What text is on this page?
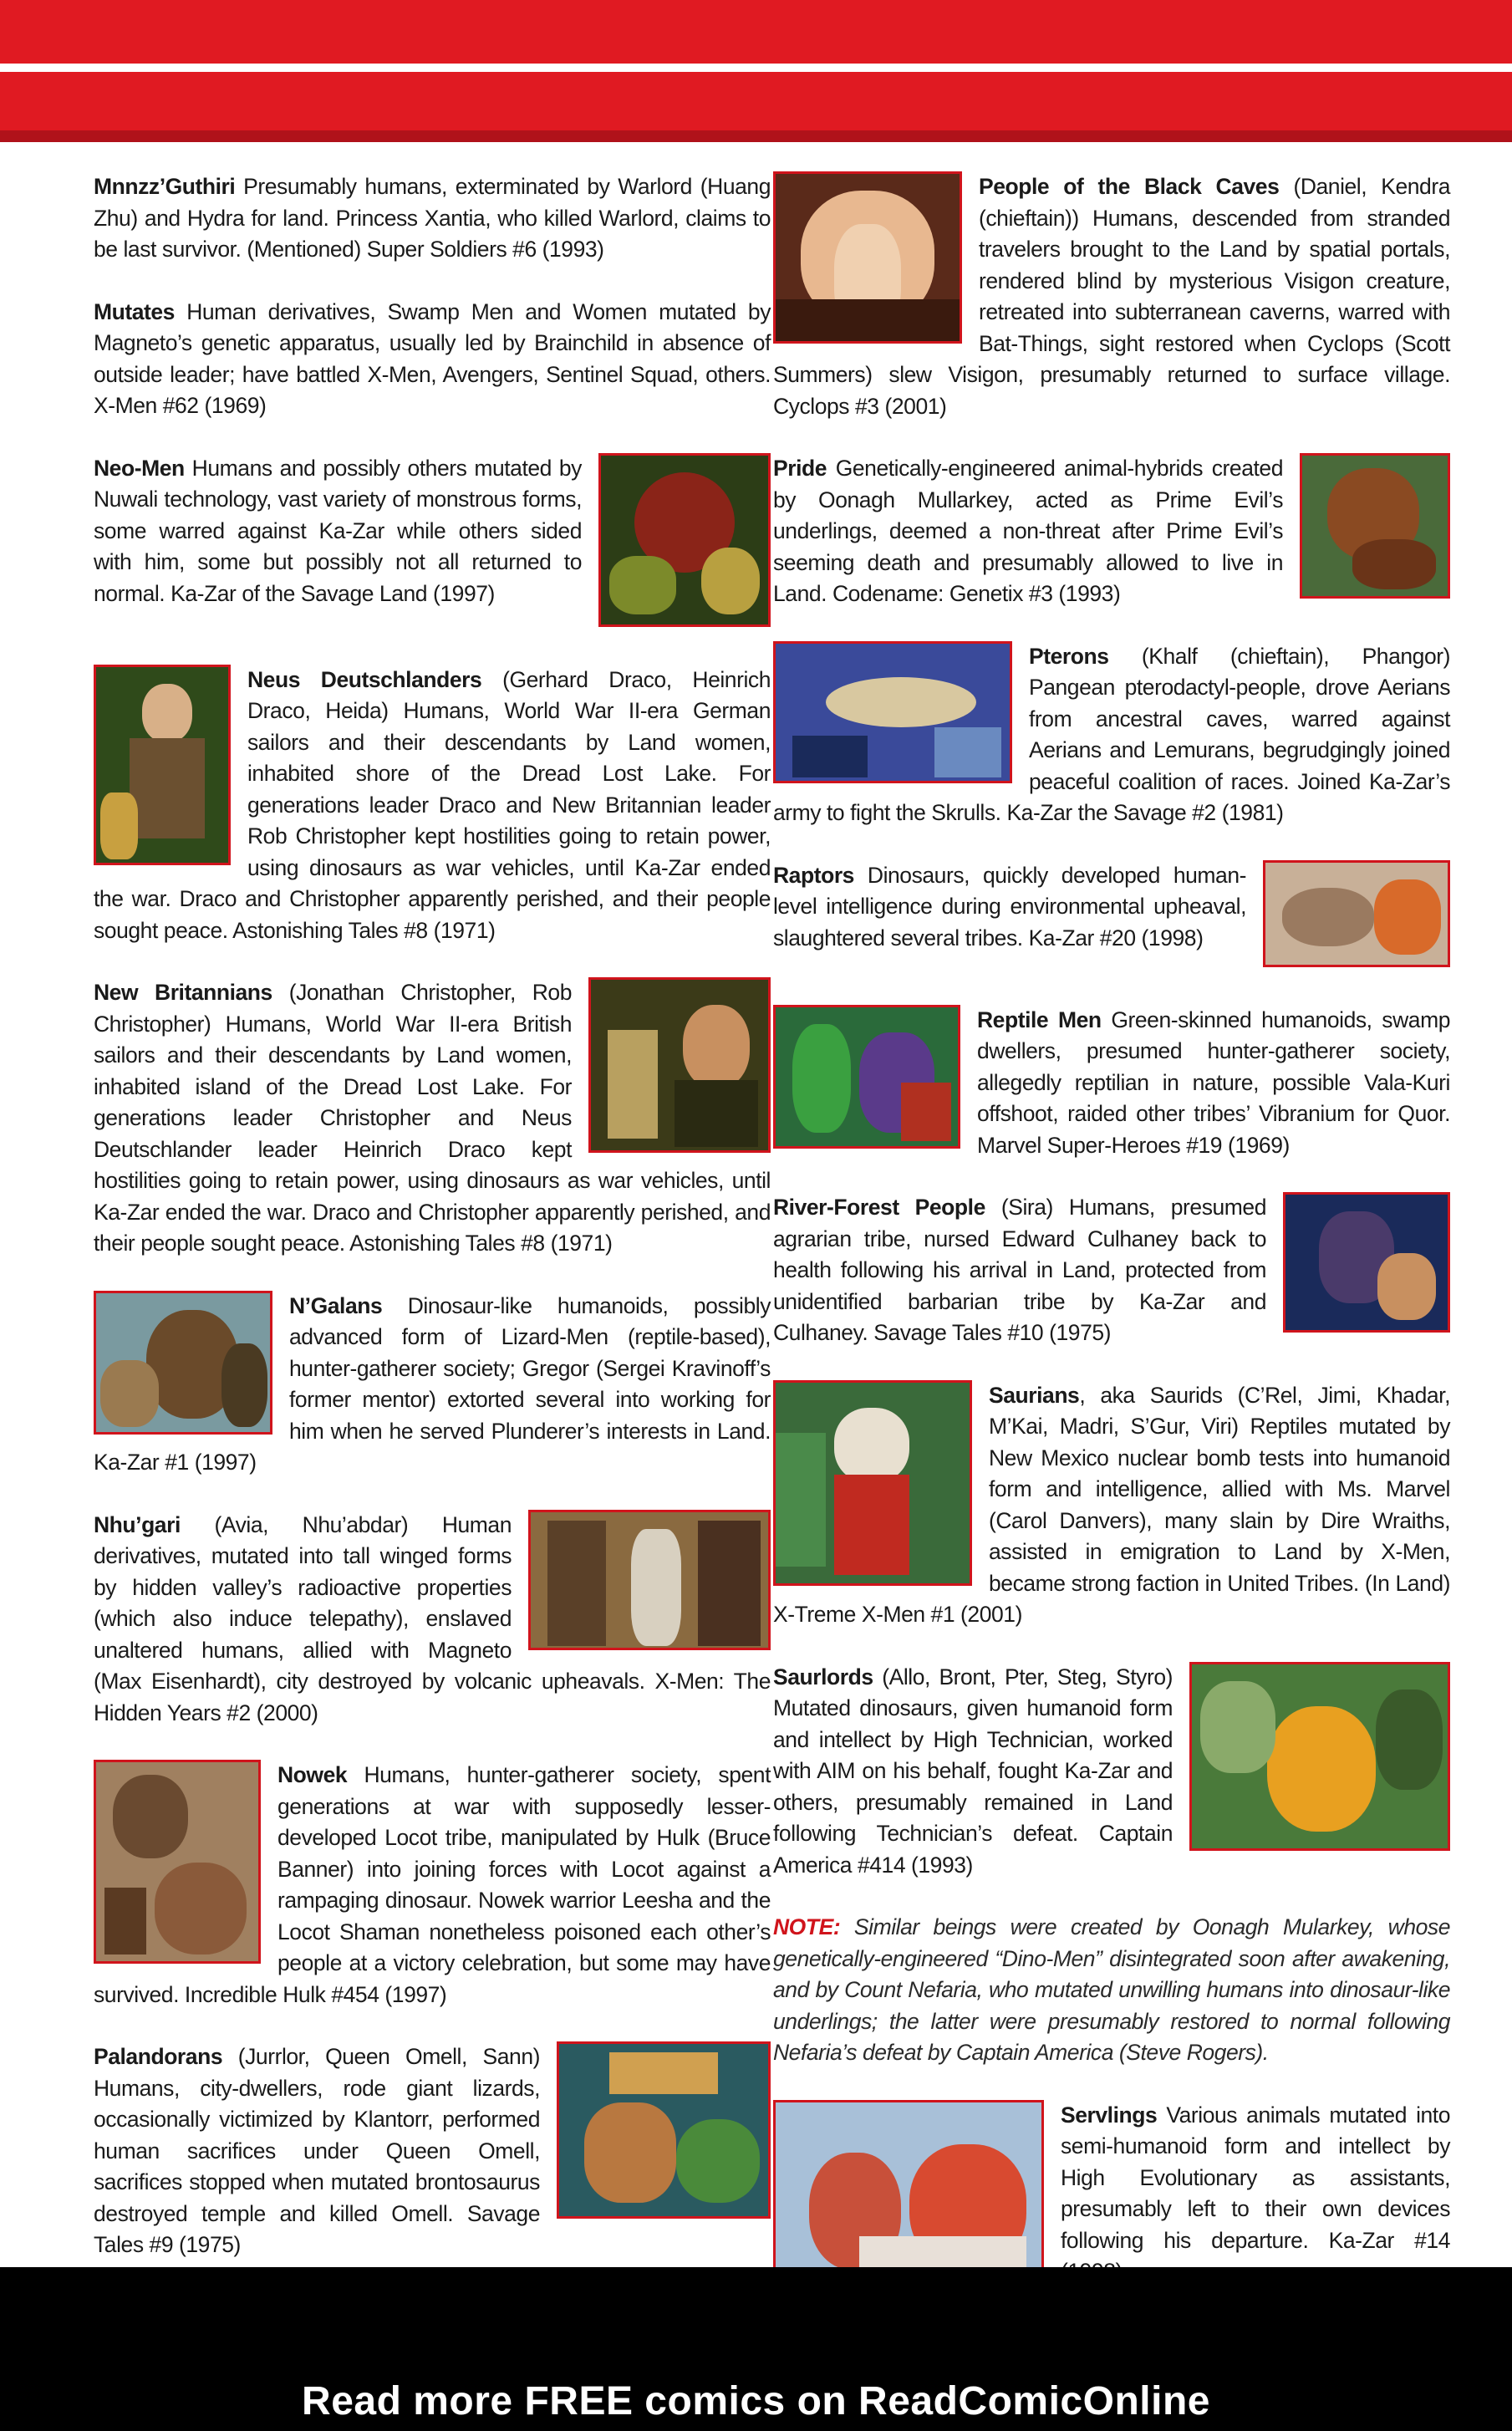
Mnnzz’Guthiri Presumably humans, exterminated by Warlord (Huang Zhu) and Hydra for land. Princess Xantia, who killed Warlord, claims to be last survivor. (Mentioned) Super Soldiers #6 (1993)

Mutates Human derivatives, Swamp Men and Women mutated by Magneto’s genetic apparatus, usually led by Brainchild in absence of outside leader; have battled X-Men, Avengers, Sentinel Squad, others. X-Men #62 (1969)

Neo-Men Humans and possibly others mutated by Nuwali technology, vast variety of monstrous forms, some warred against Ka-Zar while others sided with him, some but possibly not all returned to normal. Ka-Zar of the Savage Land (1997)
Neus Deutschlanders (Gerhard Draco, Heinrich Draco, Heida) Humans, World War II-era German sailors and their descendants by Land women, inhabited shore of the Dread Lost Lake. For generations leader Draco and New Britannian leader Rob Christopher kept hostilities going to retain power, using dinosaurs as war vehicles, until Ka-Zar ended the war. Draco and Christopher apparently perished, and their people sought peace. Astonishing Tales #8 (1971)
New Britannians (Jonathan Christopher, Rob Christopher) Humans, World War II-era British sailors and their descendants by Land women, inhabited island of the Dread Lost Lake. For generations leader Christopher and Neus Deutschlander leader Heinrich Draco kept hostilities going to retain power, using dinosaurs as war vehicles, until Ka-Zar ended the war. Draco and Christopher apparently perished, and their people sought peace. Astonishing Tales #8 (1971)
N’Galans Dinosaur-like humanoids, possibly advanced form of Lizard-Men (reptile-based), hunter-gatherer society; Gregor (Sergei Kravinoff’s former mentor) extorted several into working for him when he served Plunderer’s interests in Land. Ka-Zar #1 (1997)
Nhu’gari (Avia, Nhu’abdar) Human derivatives, mutated into tall winged forms by hidden valley’s radioactive properties (which also induce telepathy), enslaved unaltered humans, allied with Magneto (Max Eisenhardt), city destroyed by volcanic upheavals. X-Men: The Hidden Years #2 (2000)
Nowek Humans, hunter-gatherer society, spent generations at war with supposedly lesser-developed Locot tribe, manipulated by Hulk (Bruce Banner) into joining forces with Locot against a rampaging dinosaur. Nowek warrior Leesha and the Locot Shaman nonetheless poisoned each other’s people at a victory celebration, but some may have survived. Incredible Hulk #454 (1997)
Palandorans (Jurrlor, Queen Omell, Sann) Humans, city-dwellers, rode giant lizards, occasionally victimized by Klantorr, performed human sacrifices under Queen Omell, sacrifices stopped when mutated brontosaurus destroyed temple and killed Omell. Savage Tales #9 (1975)
People of the Black Caves (Daniel, Kendra (chieftain)) Humans, descended from stranded travelers brought to the Land by spatial portals, rendered blind by mysterious Visigon creature, retreated into subterranean caverns, warred with Bat-Things, sight restored when Cyclops (Scott Summers) slew Visigon, presumably returned to surface village. Cyclops #3 (2001)
Pride Genetically-engineered animal-hybrids created by Oonagh Mullarkey, acted as Prime Evil’s underlings, deemed a non-threat after Prime Evil’s seeming death and presumably allowed to live in Land. Codename: Genetix #3 (1993)
Pterons (Khalf (chieftain), Phangor) Pangean pterodactyl-people, drove Aerians from ancestral caves, warred against Aerians and Lemurans, begrudgingly joined peaceful coalition of races. Joined Ka-Zar’s army to fight the Skrulls. Ka-Zar the Savage #2 (1981)
Raptors Dinosaurs, quickly developed human-level intelligence during environmental upheaval, slaughtered several tribes. Ka-Zar #20 (1998)
Reptile Men Green-skinned humanoids, swamp dwellers, presumed hunter-gatherer society, allegedly reptilian in nature, possible Vala-Kuri offshoot, raided other tribes’ Vibranium for Quor. Marvel Super-Heroes #19 (1969)
River-Forest People (Sira) Humans, presumed agrarian tribe, nursed Edward Culhaney back to health following his arrival in Land, protected from unidentified barbarian tribe by Ka-Zar and Culhaney. Savage Tales #10 (1975)
Saurians, aka Saurids (C’Rel, Jimi, Khadar, M’Kai, Madri, S’Gur, Viri) Reptiles mutated by New Mexico nuclear bomb tests into humanoid form and intelligence, allied with Ms. Marvel (Carol Danvers), many slain by Dire Wraiths, assisted in emigration to Land by X-Men, became strong faction in United Tribes. (In Land) X-Treme X-Men #1 (2001)
Saurlords (Allo, Bront, Pter, Steg, Styro) Mutated dinosaurs, given humanoid form and intellect by High Technician, worked with AIM on his behalf, fought Ka-Zar and others, presumably remained in Land following Technician’s defeat. Captain America #414 (1993)

NOTE: Similar beings were created by Oonagh Mularkey, whose genetically-engineered “Dino-Men” disintegrated soon after awakening, and by Count Nefaria, who mutated unwilling humans into dinosaur-like underlings; the latter were presumably restored to normal following Nefaria’s defeat by Captain America (Steve Rogers).

Servlings Various animals mutated into semi-humanoid form and intellect by High Evolutionary as assistants, presumably left to their own devices following his departure. Ka-Zar #14
Read more FREE comics on ReadComicOnline
